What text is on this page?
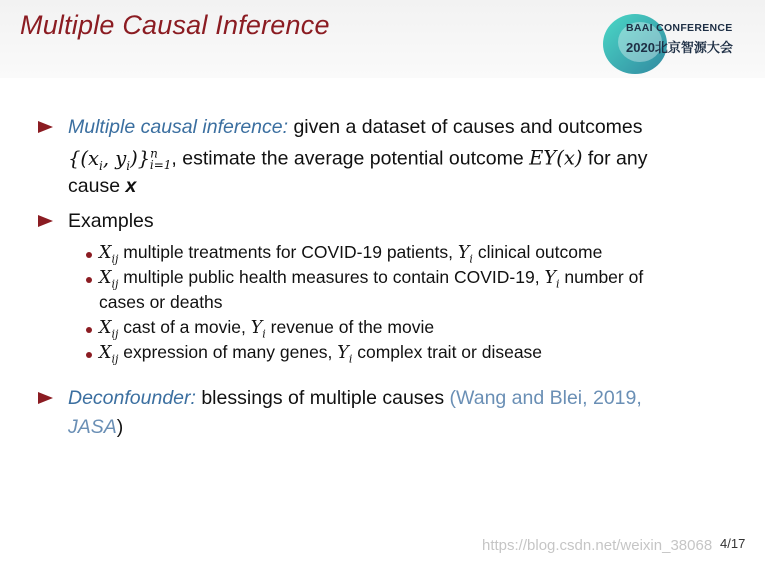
Multiple Causal Inference	BAAI CONFERENCE
2020北京智源大会
Multiple causal inference: given a dataset of causes and outcomes
{($x_i$, $y_i)\}^n_{i=1}$, estimate the average potential outcome EY(x) for any
cause x
Examples
$X_{ij}$ multiple treatments for COVID-19 patients, $Y_i$ clinical outcome
$X_{ij}$ multiple public health measures to contain COVID-19, $Y_i$ number of
cases or deaths
$X_{ij}$ cast of a movie, $Y_i$ revenue of the movie
$X_{ij}$ expression of many genes, $Y_i$ complex trait or disease
Deconfounder: blessings of multiple causes (Wang and Blei, 2019,
JASA)
https://blog.csdn.net/weixin_38068 4/17
